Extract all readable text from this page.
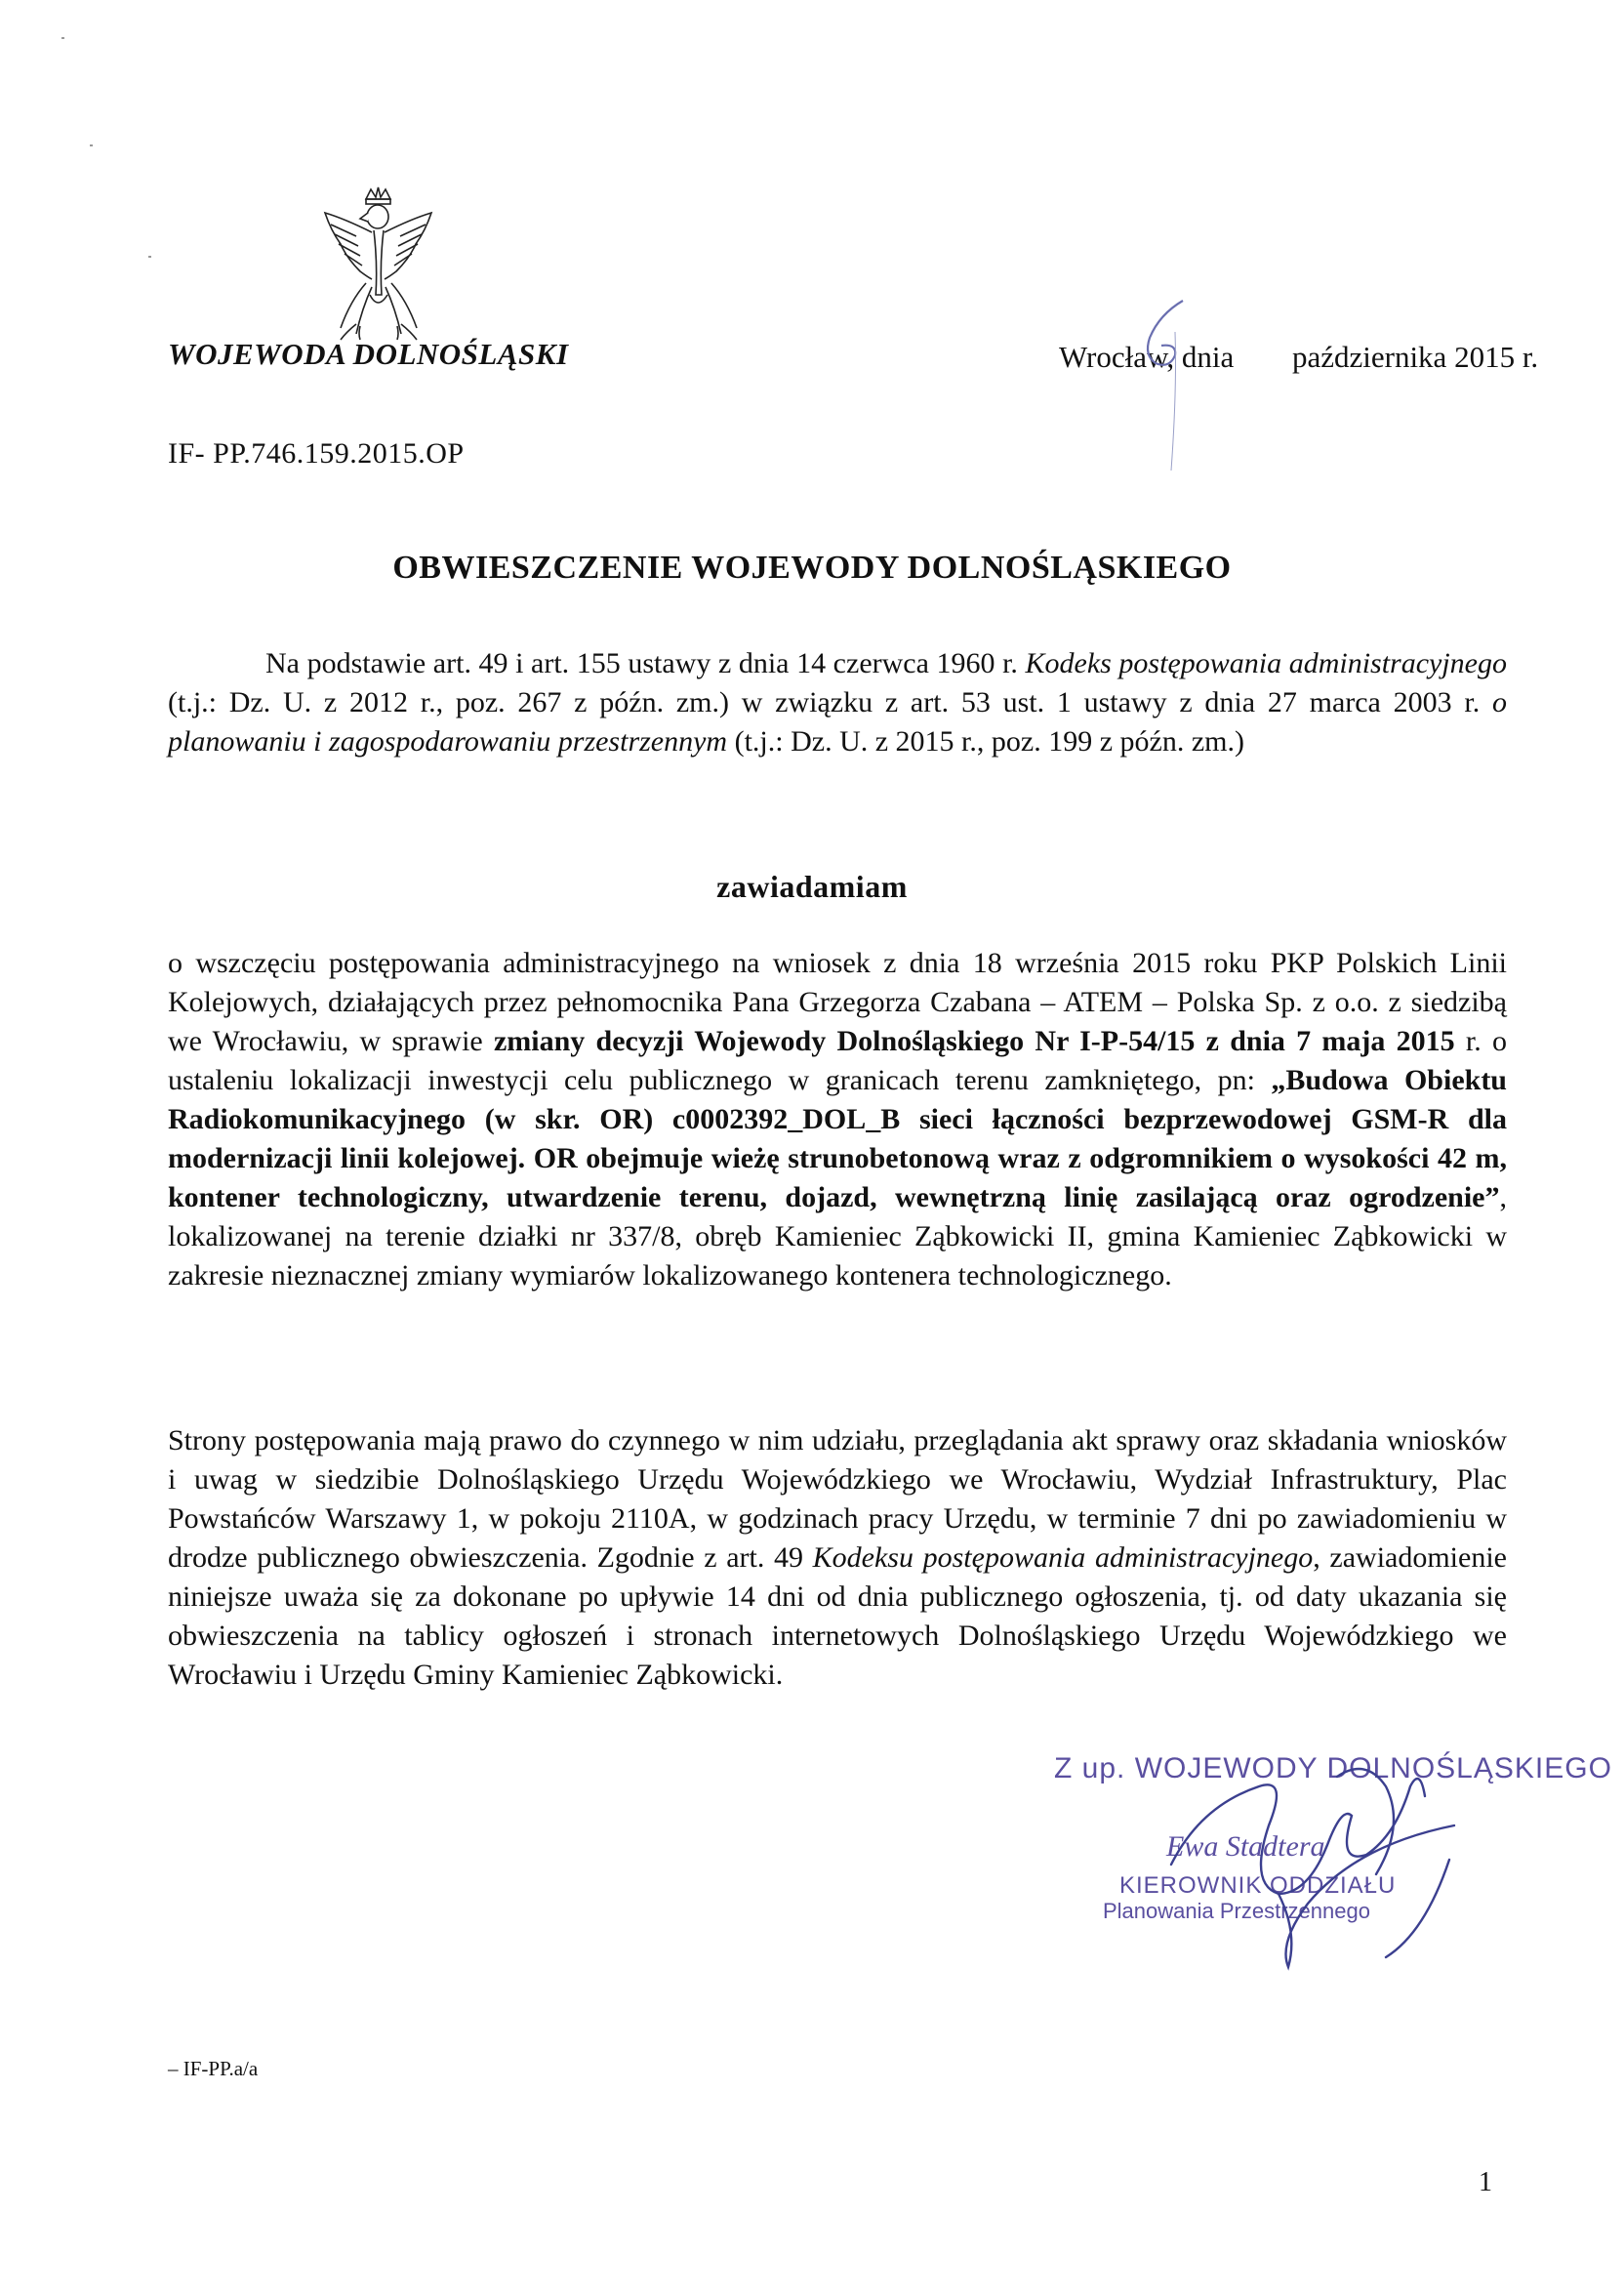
WOJEWODA DOLNOŚLĄSKI	Wrocław, dnia października 2015 r.
IF- PP.746.159.2015.OP
OBWIESZCZENIE WOJEWODY DOLNOŚLĄSKIEGO

Na podstawie art. 49 i art. 155 ustawy z dnia 14 czerwca 1960 r. Kodeks postępowania administracyjnego (t.j.: Dz. U. z 2012 r., poz. 267 z późn. zm.) w związku z art. 53 ust. 1 ustawy z dnia 27 marca 2003 r. o planowaniu i zagospodarowaniu przestrzennym (t.j.: Dz. U. z 2015 r., poz. 199 z późn. zm.)

zawiadamiam

o wszczęciu postępowania administracyjnego na wniosek z dnia 18 września 2015 roku PKP Polskich Linii Kolejowych, działających przez pełnomocnika Pana Grzegorza Czabana – ATEM – Polska Sp. z o.o. z siedzibą we Wrocławiu, w sprawie zmiany decyzji Wojewody Dolnośląskiego Nr I-P-54/15 z dnia 7 maja 2015 r. o ustaleniu lokalizacji inwestycji celu publicznego w granicach terenu zamkniętego, pn: „Budowa Obiektu Radiokomunikacyjnego (w skr. OR) c0002392_DOL_B sieci łączności bezprzewodowej GSM-R dla modernizacji linii kolejowej. OR obejmuje wieżę strunobetonową wraz z odgromnikiem o wysokości 42 m, kontener technologiczny, utwardzenie terenu, dojazd, wewnętrzną linię zasilającą oraz ogrodzenie”, lokalizowanej na terenie działki nr 337/8, obręb Kamieniec Ząbkowicki II, gmina Kamieniec Ząbkowicki w zakresie nieznacznej zmiany wymiarów lokalizowanego kontenera technologicznego.

Strony postępowania mają prawo do czynnego w nim udziału, przeglądania akt sprawy oraz składania wniosków i uwag w siedzibie Dolnośląskiego Urzędu Wojewódzkiego we Wrocławiu, Wydział Infrastruktury, Plac Powstańców Warszawy 1, w pokoju 2110A, w godzinach pracy Urzędu, w terminie 7 dni po zawiadomieniu w drodze publicznego obwieszczenia. Zgodnie z art. 49 Kodeksu postępowania administracyjnego, zawiadomienie niniejsze uważa się za dokonane po upływie 14 dni od dnia publicznego ogłoszenia, tj. od daty ukazania się obwieszczenia na tablicy ogłoszeń i stronach internetowych Dolnośląskiego Urzędu Wojewódzkiego we Wrocławiu i Urzędu Gminy Kamieniec Ząbkowicki.

Z up. WOJEWODY DOLNOŚLĄSKIEGO
Ewa Stadtera
KIEROWNIK ODDZIAŁU
Planowania Przestrzennego
– IF-PP.a/a
1
